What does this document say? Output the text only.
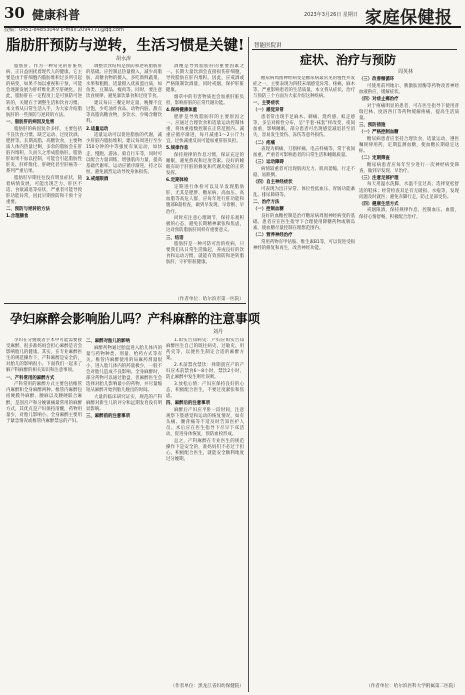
30 健康科普	2023年3月26日 星期日 家庭保健报
投稿：0451-84853049 E-mail:2094771@qq.com
脂肪肝预防与逆转，生活习惯是关键!
胡水涛

脂肪肝，作为一种常见的肝脏疾病，正日益困扰着现代人的健康。它主要是由于肝细胞内脂肪堆积过多所引起的病变，如果不加以重视和干预，可能会逐渐发展为肝纤维化甚至肝硬化。因此，脂肪肝在一定程度上是可预防可逆转的，关键在于调整生活和饮食习惯。本文将从日常生活入手，为大家介绍脂肪肝的一些预防与逆转的方法。

一、脂肪肝的病因及危害

脂肪肝的病因复杂多样，主要包括不良饮食习惯、缺乏运动、过度饮酒、肥胖等。长期高脂、高糖饮食，主要物质人体内热量过剩，多余的脂肪会在肝脏内堆积，久而久之形成脂肪肝。脂肪肝如果不加以控制，可能会引起脂肪性肝炎、肝纤维化、肝硬化甚至肝癌等一系列严重后果。

脂肪肝早期往往没有明显症状，随着病情发展，可能出现乏力、肝区不适、食欲减退等症状，严重者可能导致肝功能异常，因此早期预防和干预十分重要。

二、预防与逆转的方法

1.合理膳食

调整饮食结构是预防和逆转脂肪肝的基础。应控制总热量摄入，减少高脂肪、高糖食物的摄入，多吃新鲜蔬菜、水果和粗粮，适量摄入优质蛋白质，如鱼类、豆制品、瘦肉等。同时，要注意饮食规律，避免暴饮暴食和过度节食。

建议每日三餐定时定量，晚餐不宜过饱，少吃油炸食品、动物内脏、甜点等高脂高糖食物，多饮水，少喝含糖饮料。

2.适量运动

适量运动可以促进脂肪的代谢，减少肝脏内脂肪堆积。建议每周进行至少150分钟的中等强度有氧运动，如快走、慢跑、游泳、骑自行车等，同时可以配合力量训练，增强肌肉力量，提高基础代谢率。运动应循序渐进，持之以恒，避免剧烈运动导致身体损伤。

3.戒烟限酒

酒精是导致脂肪肝的重要因素之一。长期大量饮酒会直接损伤肝细胞，导致脂肪在肝内堆积。因此，应戒酒或严格限制饮酒量，同时戒烟，保护肝脏健康。

烟草中的有害物质也会加重肝脏负担，影响肝脏的正常代谢功能。

4.保持健康体重

肥胖是导致脂肪肝的主要原因之一。应通过合理饮食和适量运动控制体重，将体重指数控制在正常范围内。减重应循序渐进，每月减重1～2公斤为宜，过快减重反而可能加重肝脏负担。

5.规律作息

保持规律的作息习惯，保证充足的睡眠，避免熬夜和过度劳累。良好的睡眠有助于肝脏的修复和代谢功能的正常发挥。

6.定期体检

定期进行体检可以及早发现脂肪肝，尤其是肥胖、糖尿病、高血压、高血脂等高危人群，应每年进行肝功能和腹部B超检查，做到早发现、早诊断、早治疗。

同时应注意心理调节，保持乐观积极的心态，避免长期精神紧张和焦虑，这对预防脂肪肝同样有重要意义。

三、结语

脂肪肝是一种可防可治的疾病，只要我们从日常生活做起，养成良好的饮食和运动习惯，就能有效预防和逆转脂肪肝，守护肝脏健康。

（作者单位：哈尔滨市第一医院）
孕妇麻醉会影响胎儿吗？产科麻醉的注意事项
刘丹

孕妇在分娩或者手术中可能需要接受麻醉，很多准妈妈会担心麻醉是否会影响胎儿的健康。其实，在专业麻醉医生的规范操作下，产科麻醉是安全的，对胎儿的影响很小。下面我们一起来了解产科麻醉的相关知识和注意事项。

一、产科常用的麻醉方式

产科常用的麻醉方式主要包括椎管内麻醉和全身麻醉两种。椎管内麻醉包括硬膜外麻醉、腰麻以及腰硬联合麻醉，是剖宫产和分娩镇痛最常用的麻醉方式，其优点是产妇保持清醒，药物用量少，对胎儿影响小。全身麻醉主要用于紧急情况或椎管内麻醉禁忌的产妇。

二、麻醉对胎儿的影响

麻醉药物通过胎盘进入胎儿体内的量与药物种类、剂量、给药方式等有关。椎管内麻醉使用的局麻药剂量很小，进入胎儿体内的药量极少，一般不会对胎儿造成不良影响。全身麻醉时，部分药物可以通过胎盘，但麻醉医生会选择对胎儿影响最小的药物，并尽量缩短从麻醉开始到胎儿娩出的时间。

大量的临床研究证实，规范的产科麻醉对新生儿的评分和远期发育没有明显影响。

三、麻醉前的注意事项

1.如实告知病史：产妇应如实告知麻醉医生自己的既往病史、过敏史、用药史等，以便医生制定合适的麻醉方案。

2.术前禁食禁饮：择期剖宫产的产妇应术前禁食6～8小时，禁饮2小时，防止麻醉中发生呕吐误吸。

3.放松心情：产妇应保持良好的心态，积极配合医生，不要过度紧张和焦虑。

四、麻醉后的注意事项

麻醉后产妇应平卧一段时间，注意观察下肢感觉和运动的恢复情况，如有头痛、腰背痛等不适及时告知医护人员。术后应在医生指导下尽早下床活动，促进身体恢复，预防血栓形成。

总之，产科麻醉在专业医生的规范操作下是安全的，准妈妈们不必过于担心，积极配合医生，就能安全顺利地度过分娩期。

（作者单位：黑龙江省妇幼保健院）
智能医院讲
症状、治疗与预防
周英林

糖尿病周围神经病变是糖尿病最常见的慢性并发症之一，主要表现为四肢末端感觉异常、疼痛、麻木等，严重影响患者的生活质量。本文将从症状、治疗与预防三个方面为大家介绍这种疾病。

一、主要症状

（一）感觉异常

患者常出现手足麻木、刺痛、烧灼感、蚁走感等，多呈对称性分布，呈“手套-袜套”样改变，夜间加重，影响睡眠。部分患者可出现感觉减退甚至消失，容易发生烫伤、冻伤等意外损伤。

（二）疼痛

表现为刺痛、刀割样痛、电击样痛等，常于夜间加重，严重者可影响患者的日常生活和睡眠质量。

（三）运动障碍

病情较重者可出现肌肉无力、肌肉萎缩，行走不稳，易跌倒。

（四）自主神经症状

可表现为出汗异常、体位性低血压、胃肠功能紊乱、排尿障碍等。

二、治疗方法

（一）控制血糖

良好的血糖控制是治疗糖尿病周围神经病变的基础。患者应在医生指导下合理使用降糖药物或胰岛素，使血糖尽量控制在理想范围内。

（二）营养神经治疗

常用药物有甲钴胺、维生素B1等，可以促进受损神经的修复和再生，改善神经功能。

（三）改善微循环

可使用前列地尔、胰激肽原酶等药物改善神经血液供应，缓解症状。

（四）对症止痛治疗

对于疼痛明显的患者，可在医生指导下使用普瑞巴林、度洛西汀等药物缓解疼痛，提高生活质量。

三、预防措施

（一）严格控制血糖

糖尿病患者应坚持合理饮食、适量运动，遵医嘱规律用药，定期监测血糖，使血糖长期稳定达标。

（二）定期筛查

糖尿病患者应每年至少进行一次神经病变筛查，做到早发现、早治疗。

（三）注意足部护理

每天用温水洗脚，水温不宜过高；选择宽松舒适的鞋袜；经常检查双足有无破损、水疱等，发现问题及时就医；避免赤脚行走，防止足部受伤。

（四）健康生活方式

戒烟限酒，保持规律作息，控制血压、血脂，保持心情舒畅，积极配合治疗。

（作者单位：哈尔滨医科大学附属第二医院）
